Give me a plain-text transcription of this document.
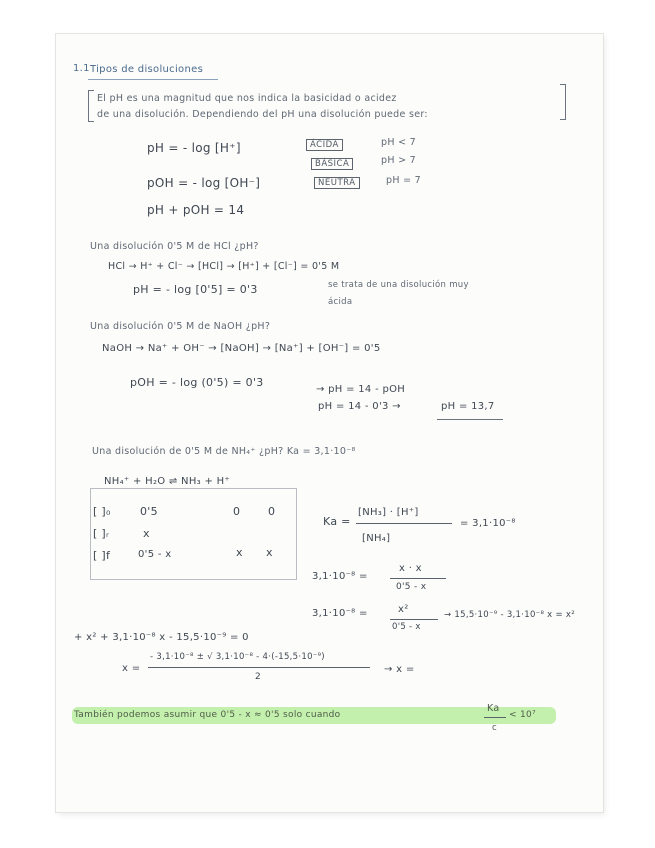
1.1 Tipos de disoluciones
El pH es una magnitud que nos indica la basicidad o acidez
de una disolución. Dependiendo del pH una disolución puede ser:
pH = - log [H⁺]
pOH = - log [OH⁻]
pH + pOH = 14
ÁCIDA	pH < 7
BÁSICA	pH > 7
NEUTRA	pH = 7
Una disolución 0'5 M de HCl ¿pH?
HCl → H⁺ + Cl⁻ → [HCl] → [H⁺] + [Cl⁻] = 0'5 M
pH = - log [0'5] = 0'3	se trata de una disolución muy
ácida
Una disolución 0'5 M de NaOH ¿pH?
NaOH → Na⁺ + OH⁻ → [NaOH] → [Na⁺] + [OH⁻] = 0'5
pOH = - log (0'5) = 0'3
→ pH = 14 - pOH
pH = 14 - 0'3 →	pH = 13,7
Una disolución de 0'5 M de NH₄⁺ ¿pH? Ka = 3,1·10⁻⁸
NH₄⁺ + H₂O ⇌ NH₃ + H⁺
[ ]₀	0'5	0	0
[ ]ᵣ	x
[ ]f	0'5 - x	x x
Ka =
[NH₃] · [H⁺]
[NH₄]
= 3,1·10⁻⁸
3,1·10⁻⁸ =
x · x
0'5 - x
3,1·10⁻⁸ =	x²
0'5 - x
→ 15,5·10⁻⁹ - 3,1·10⁻⁸ x = x²
+ x² + 3,1·10⁻⁸ x - 15,5·10⁻⁹ = 0
x =
- 3,1·10⁻⁸ ± √ 3,1·10⁻⁸ - 4·(-15,5·10⁻⁹)
2
→ x =
También podemos asumir que 0'5 - x ≈ 0'5 solo cuando
Ka
c
< 10⁷
